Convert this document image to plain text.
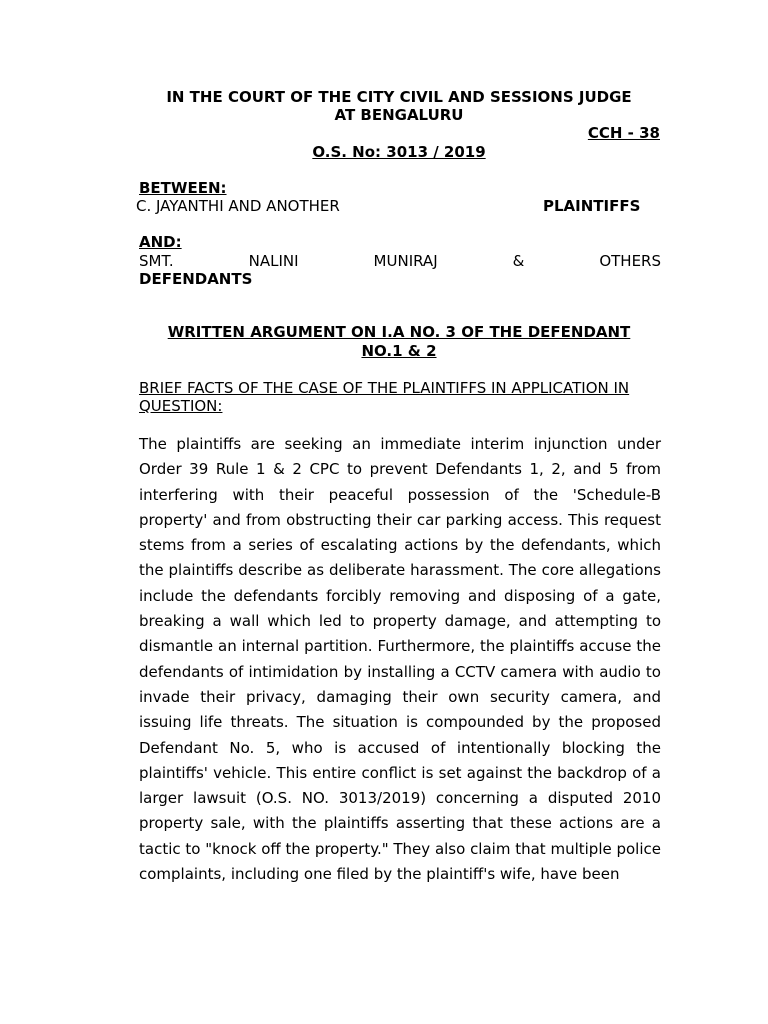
IN THE COURT OF THE CITY CIVIL AND SESSIONS JUDGE
AT BENGALURU
CCH - 38
O.S. No: 3013 / 2019
BETWEEN:
C. JAYANTHI AND ANOTHER	PLAINTIFFS
AND:
SMT.	NALINI	MUNIRAJ	&	OTHERS
DEFENDANTS
WRITTEN ARGUMENT ON I.A NO. 3 OF THE DEFENDANT
NO.1 & 2
BRIEF FACTS OF THE CASE OF THE PLAINTIFFS IN APPLICATION IN
QUESTION:
The plaintiffs are seeking an immediate interim injunction under Order 39 Rule 1 & 2 CPC to prevent Defendants 1, 2, and 5 from interfering with their peaceful possession of the 'Schedule-B property' and from obstructing their car parking access. This request stems from a series of escalating actions by the defendants, which the plaintiffs describe as deliberate harassment. The core allegations include the defendants forcibly removing and disposing of a gate, breaking a wall which led to property damage, and attempting to dismantle an internal partition. Furthermore, the plaintiffs accuse the defendants of intimidation by installing a CCTV camera with audio to invade their privacy, damaging their own security camera, and issuing life threats. The situation is compounded by the proposed Defendant No. 5, who is accused of intentionally blocking the plaintiffs' vehicle. This entire conflict is set against the backdrop of a larger lawsuit (O.S. NO. 3013/2019) concerning a disputed 2010 property sale, with the plaintiffs asserting that these actions are a tactic to "knock off the property." They also claim that multiple police complaints, including one filed by the plaintiff's wife, have been
